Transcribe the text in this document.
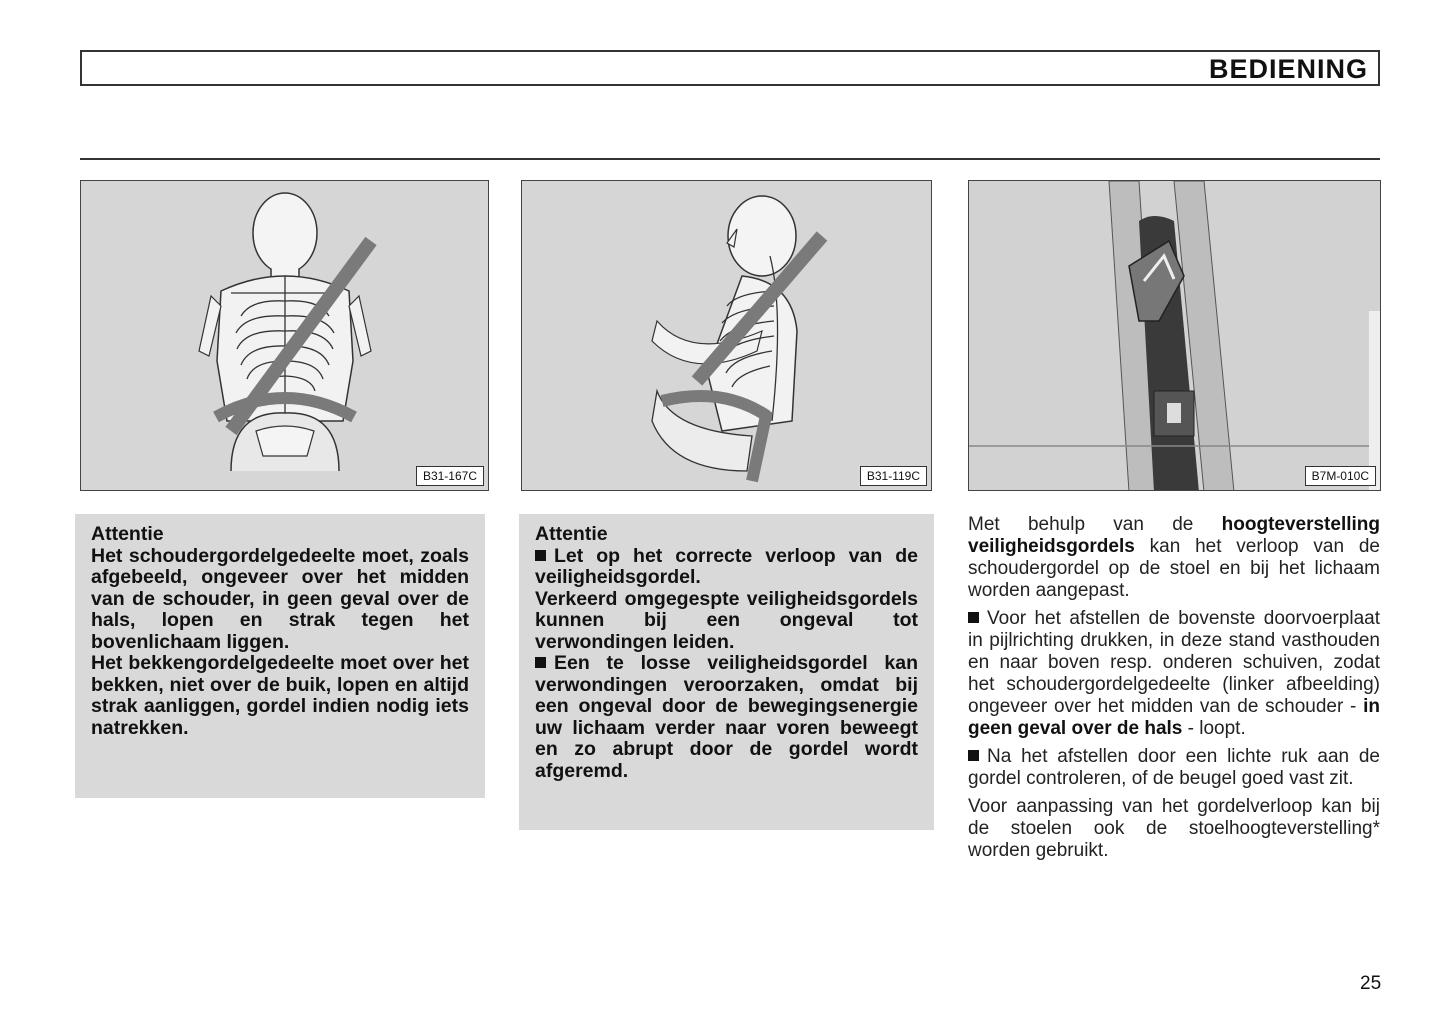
BEDIENING
B31-167C	B31-119C	B7M-010C
Attentie

Het schoudergordelgedeelte moet, zoals afgebeeld, ongeveer over het midden van de schouder, in geen geval over de hals, lopen en strak tegen het bovenlichaam liggen.

Het bekkengordelgedeelte moet over het bekken, niet over de buik, lopen en altijd strak aanliggen, gordel indien nodig iets natrekken.

Attentie

Let op het correcte verloop van de veiligheidsgordel.

Verkeerd omgegespte veiligheidsgordels kunnen bij een ongeval tot verwondingen leiden.

Een te losse veiligheidsgordel kan verwondingen veroorzaken, omdat bij een ongeval door de bewegingsenergie uw lichaam verder naar voren beweegt en zo abrupt door de gordel wordt afgeremd.

Met behulp van de hoogteverstelling veiligheidsgordels kan het verloop van de schoudergordel op de stoel en bij het lichaam worden aangepast.

Voor het afstellen de bovenste doorvoerplaat in pijlrichting drukken, in deze stand vasthouden en naar boven resp. onderen schuiven, zodat het schoudergordelgedeelte (linker afbeelding) ongeveer over het midden van de schouder - in geen geval over de hals - loopt.

Na het afstellen door een lichte ruk aan de gordel controleren, of de beugel goed vast zit.

Voor aanpassing van het gordelverloop kan bij de stoelen ook de stoelhoogteverstelling* worden gebruikt.

25
